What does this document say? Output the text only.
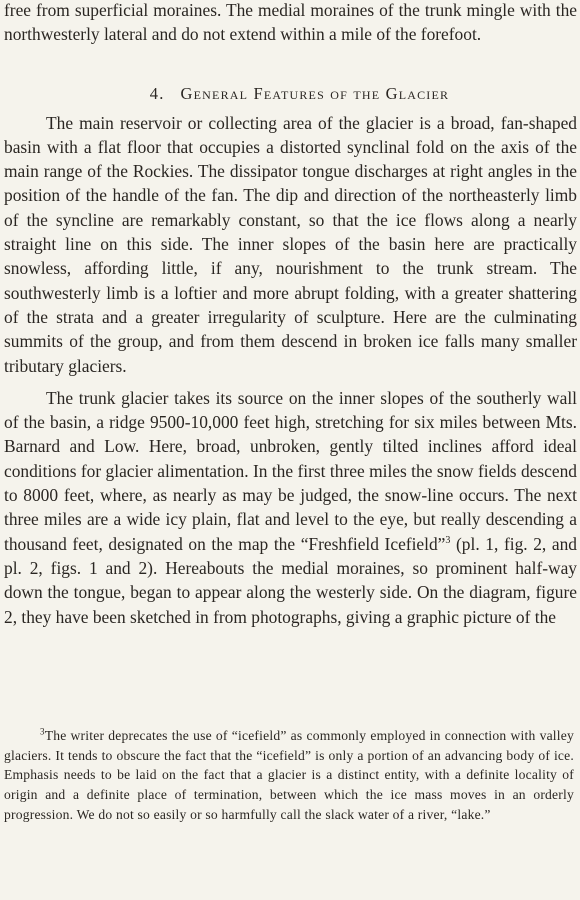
free from superficial moraines. The medial moraines of the trunk mingle with the northwesterly lateral and do not extend within a mile of the forefoot.

4. General Features of the Glacier

The main reservoir or collecting area of the glacier is a broad, fan-shaped basin with a flat floor that occupies a distorted synclinal fold on the axis of the main range of the Rockies. The dissipator tongue discharges at right angles in the position of the handle of the fan. The dip and direction of the northeasterly limb of the syncline are remarkably constant, so that the ice flows along a nearly straight line on this side. The inner slopes of the basin here are practically snowless, affording little, if any, nourishment to the trunk stream. The southwesterly limb is a loftier and more abrupt folding, with a greater shattering of the strata and a greater irregularity of sculpture. Here are the culminating summits of the group, and from them descend in broken ice falls many smaller tributary glaciers.

The trunk glacier takes its source on the inner slopes of the southerly wall of the basin, a ridge 9500-10,000 feet high, stretching for six miles between Mts. Barnard and Low. Here, broad, unbroken, gently tilted inclines afford ideal conditions for glacier alimentation. In the first three miles the snow fields descend to 8000 feet, where, as nearly as may be judged, the snow-line occurs. The next three miles are a wide icy plain, flat and level to the eye, but really descending a thousand feet, designated on the map the “Freshfield Icefield”$^3$ (pl. 1, fig. 2, and pl. 2, figs. 1 and 2). Hereabouts the medial moraines, so prominent half-way down the tongue, began to appear along the westerly side. On the diagram, figure 2, they have been sketched in from photographs, giving a graphic picture of the

$^3$The writer deprecates the use of “icefield” as commonly employed in connection with valley glaciers. It tends to obscure the fact that the “icefield” is only a portion of an advancing body of ice. Emphasis needs to be laid on the fact that a glacier is a distinct entity, with a definite locality of origin and a definite place of termination, between which the ice mass moves in an orderly progression. We do not so easily or so harmfully call the slack water of a river, “lake.”
